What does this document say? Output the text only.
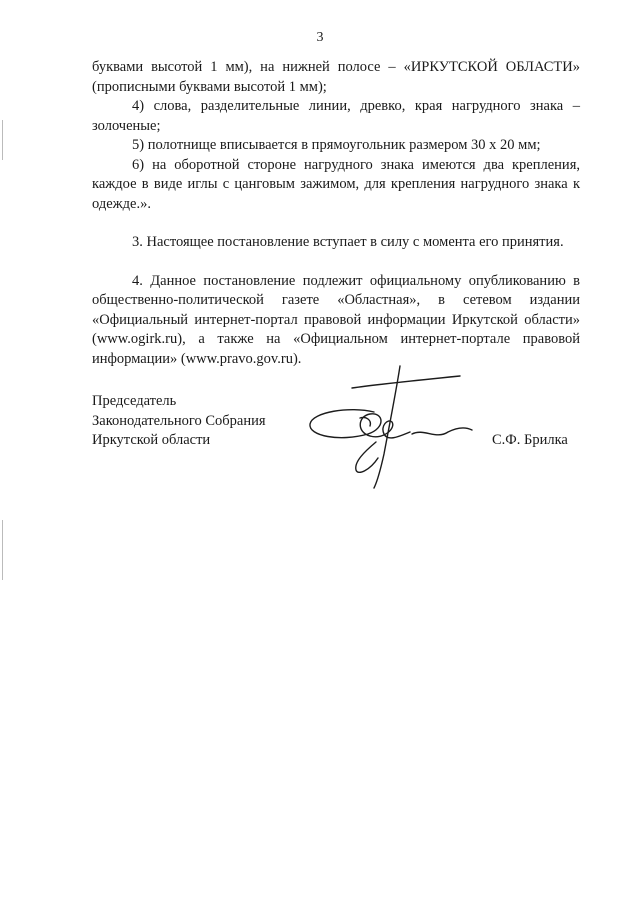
3

буквами высотой 1 мм), на нижней полосе – «ИРКУТСКОЙ ОБЛАСТИ»

(прописными буквами высотой 1 мм);

4) слова, разделительные линии, древко, края нагрудного знака – золоченые;

5) полотнище вписывается в прямоугольник размером 30 х 20 мм;

6) на оборотной стороне нагрудного знака имеются два крепления, каждое в виде иглы с цанговым зажимом, для крепления нагрудного знака к одежде.».

3. Настоящее постановление вступает в силу с момента его принятия.

4. Данное постановление подлежит официальному опубликованию в общественно-политической газете «Областная», в сетевом издании «Официальный интернет-портал правовой информации Иркутской области» (www.ogirk.ru), а также на «Официальном интернет-портале правовой информации» (www.pravo.gov.ru).

Председатель
Законодательного Собрания
Иркутской области	С.Ф. Брилка
